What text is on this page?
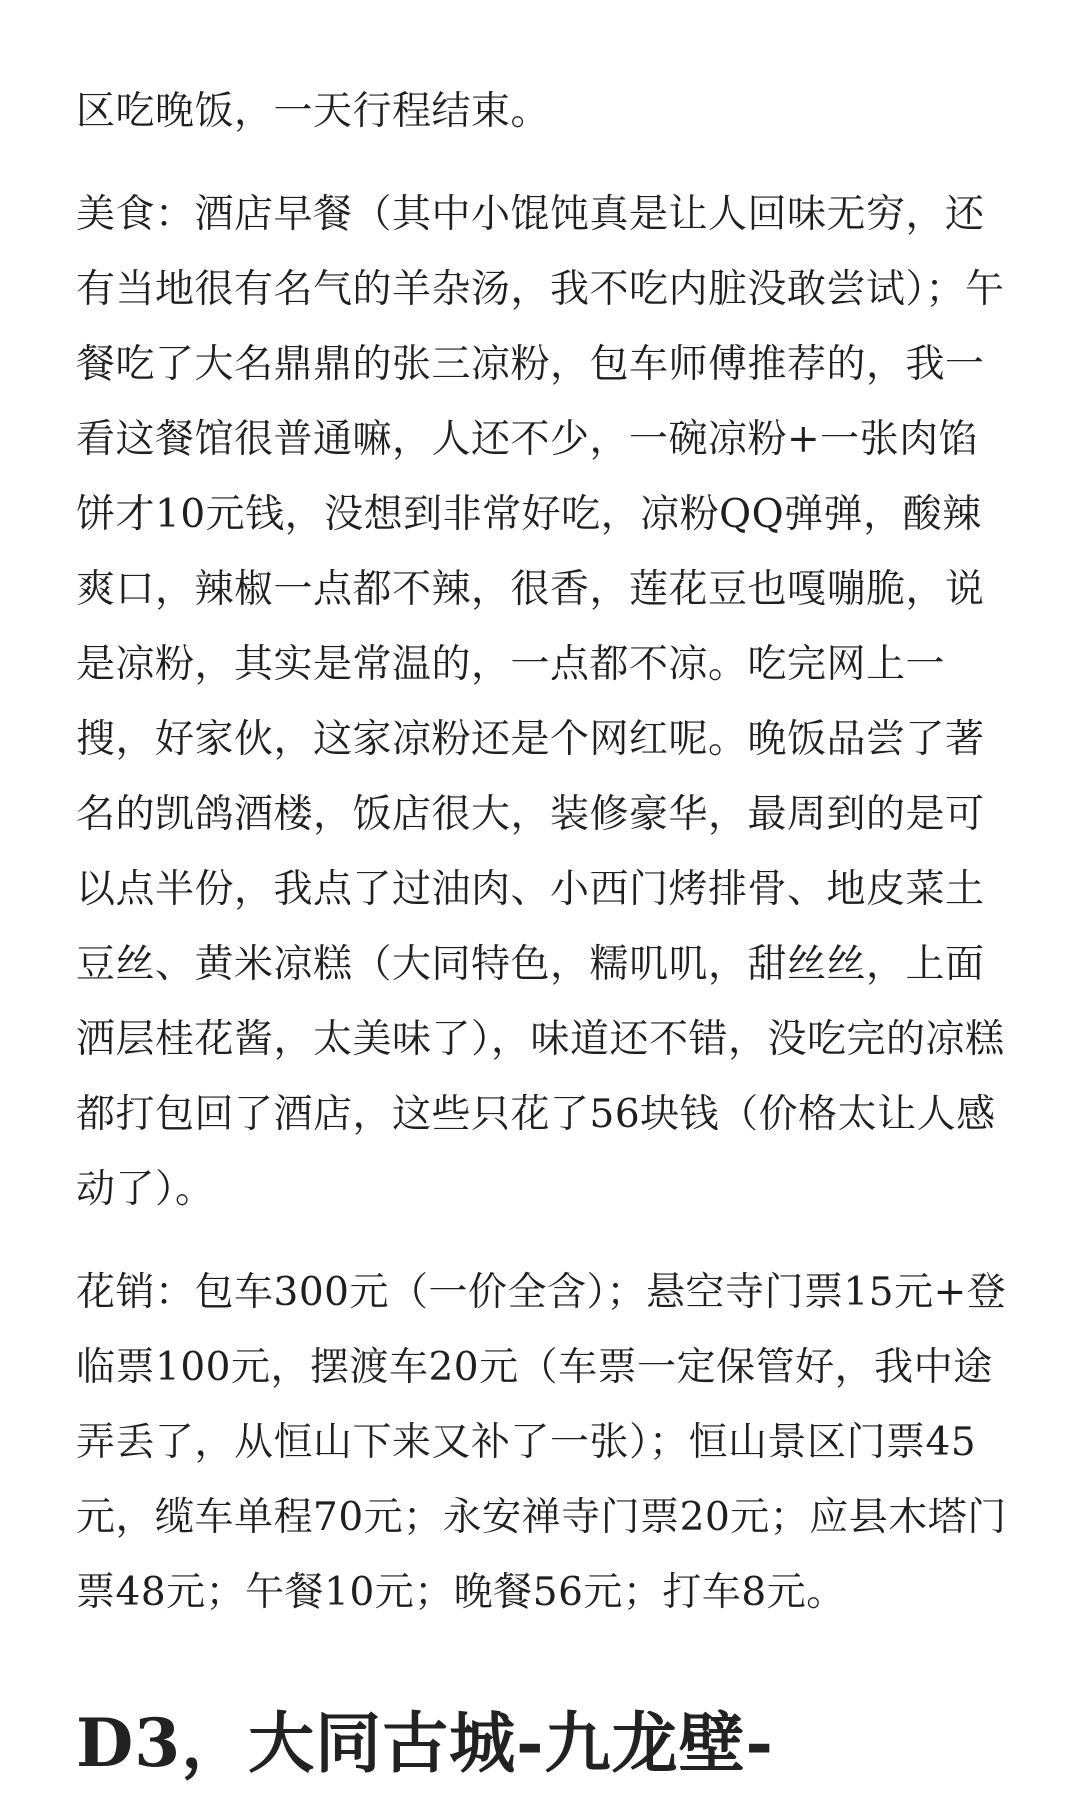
区吃晚饭，一天行程结束。

美食：酒店早餐（其中小馄饨真是让人回味无穷，还有当地很有名气的羊杂汤，我不吃内脏没敢尝试）；午餐吃了大名鼎鼎的张三凉粉，包车师傅推荐的，我一看这餐馆很普通嘛，人还不少，一碗凉粉+一张肉馅饼才10元钱，没想到非常好吃，凉粉QQ弹弹，酸辣爽口，辣椒一点都不辣，很香，莲花豆也嘎嘣脆，说是凉粉，其实是常温的，一点都不凉。吃完网上一搜，好家伙，这家凉粉还是个网红呢。晚饭品尝了著名的凯鸽酒楼，饭店很大，装修豪华，最周到的是可以点半份，我点了过油肉、小西门烤排骨、地皮菜土豆丝、黄米凉糕（大同特色，糯叽叽，甜丝丝，上面洒层桂花酱，太美味了），味道还不错，没吃完的凉糕都打包回了酒店，这些只花了56块钱（价格太让人感动了）。

花销：包车300元（一价全含）；悬空寺门票15元+登临票100元，摆渡车20元（车票一定保管好，我中途弄丢了，从恒山下来又补了一张）；恒山景区门票45元，缆车单程70元；永安禅寺门票20元；应县木塔门票48元；午餐10元；晚餐56元；打车8元。

D3，大同古城-九龙壁-
